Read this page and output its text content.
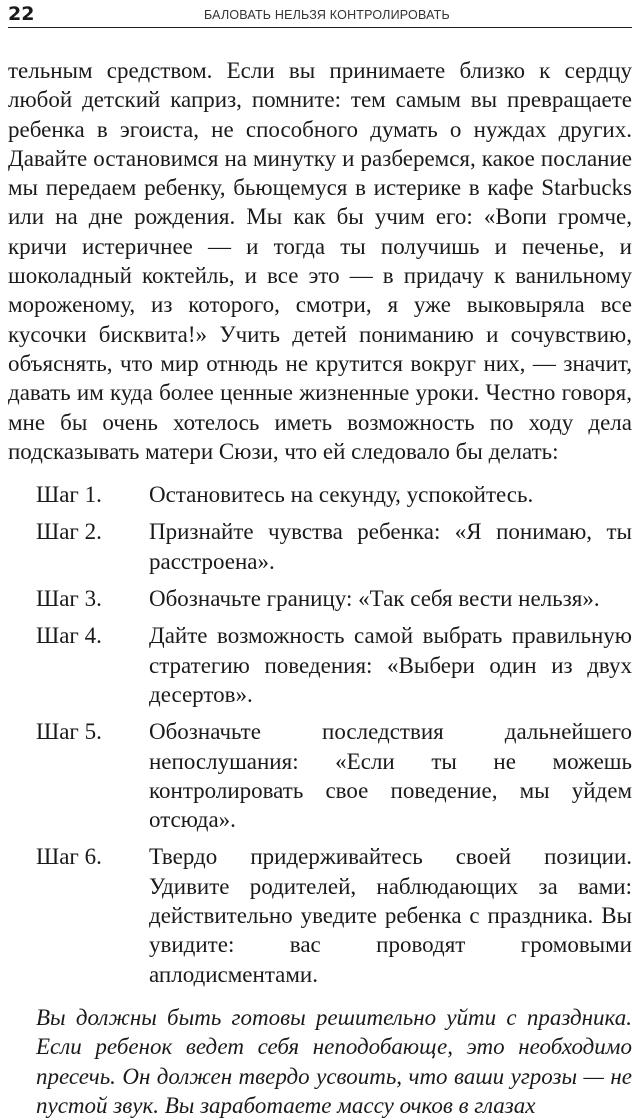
22	БАЛОВАТЬ НЕЛЬЗЯ КОНТРОЛИРОВАТЬ

тельным средством. Если вы принимаете близко к сердцу любой детский каприз, помните: тем самым вы превращаете ребенка в эгоиста, не способного думать о нуждах других. Давайте остановимся на минутку и разберемся, какое послание мы передаем ребенку, бьющемуся в истерике в кафе Starbucks или на дне рождения. Мы как бы учим его: «Вопи громче, кричи истеричнее — и тогда ты получишь и печенье, и шоколадный коктейль, и все это — в придачу к ванильному мороженому, из которого, смотри, я уже выковыряла все кусочки бисквита!» Учить детей пониманию и сочувствию, объяснять, что мир отнюдь не крутится вокруг них, — значит, давать им куда более ценные жизненные уроки. Честно говоря, мне бы очень хотелось иметь возможность по ходу дела подсказывать матери Сюзи, что ей следовало бы делать:

Шаг 1.	Остановитесь на секунду, успокойтесь.
Шаг 2.	Признайте чувства ребенка: «Я понимаю, ты расстроена».
Шаг 3.	Обозначьте границу: «Так себя вести нельзя».
Шаг 4.	Дайте возможность самой выбрать правильную стратегию поведения: «Выбери один из двух десертов».
Шаг 5.	Обозначьте последствия дальнейшего непослушания: «Если ты не можешь контролировать свое поведение, мы уйдем отсюда».
Шаг 6.	Твердо придерживайтесь своей позиции. Удивите родителей, наблюдающих за вами: действительно уведите ребенка с праздника. Вы увидите: вас проводят громовыми аплодисментами.

Вы должны быть готовы решительно уйти с праздника. Если ребенок ведет себя неподобающе, это необходимо пресечь. Он должен твердо усвоить, что ваши угрозы — не пустой звук. Вы заработаете массу очков в глазах
